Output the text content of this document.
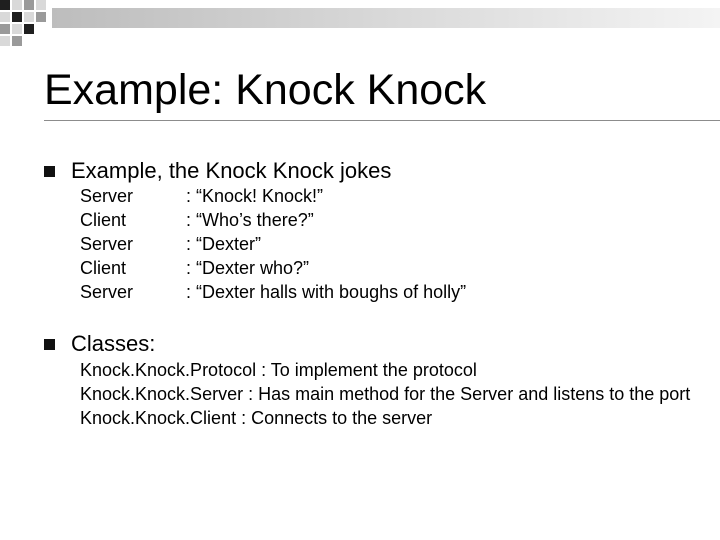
Example: Knock Knock
Example, the Knock Knock jokes
Server	: “Knock! Knock!”
Client	: “Who’s there?”
Server	: “Dexter”
Client	: “Dexter who?”
Server	: “Dexter halls with boughs of holly”
Classes:
Knock.Knock.Protocol : To implement the protocol
Knock.Knock.Server : Has main method for the Server and listens to the port
Knock.Knock.Client : Connects to the server
